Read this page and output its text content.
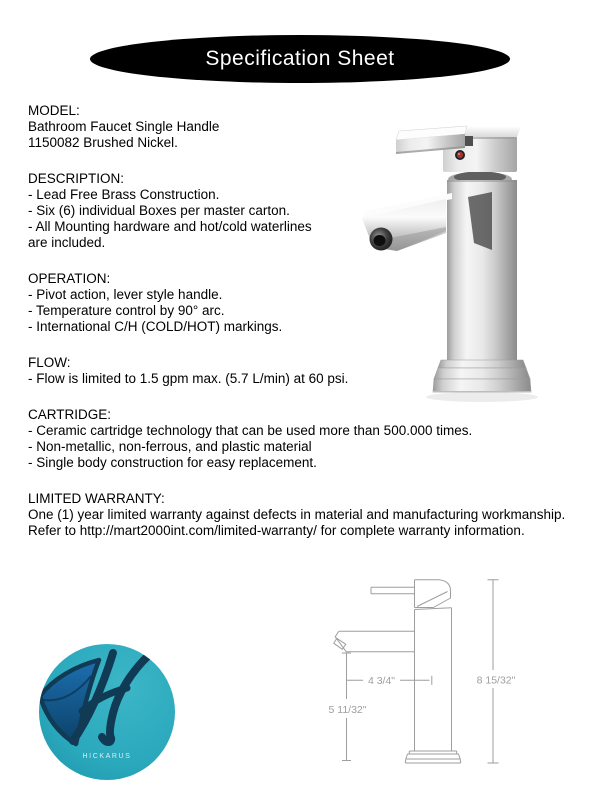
Specification Sheet
MODEL:
Bathroom Faucet Single Handle
1150082 Brushed Nickel.
DESCRIPTION:
- Lead Free Brass Construction.
- Six (6) individual Boxes per master carton.
- All Mounting hardware and hot/cold waterlines
are included.
OPERATION:
- Pivot action, lever style handle.
- Temperature control by 90° arc.
- International C/H (COLD/HOT) markings.
FLOW:
- Flow is limited to 1.5 gpm max. (5.7 L/min) at 60 psi.
CARTRIDGE:
- Ceramic cartridge technology that can be used more than 500.000 times.
- Non-metallic, non-ferrous, and plastic material
- Single body construction for easy replacement.
LIMITED WARRANTY:
One (1) year limited warranty against defects in material and manufacturing workmanship.
Refer to http://mart2000int.com/limited-warranty/ for complete warranty information.
HICKARUS
4 3/4"	8 15/32"
5 11/32"
